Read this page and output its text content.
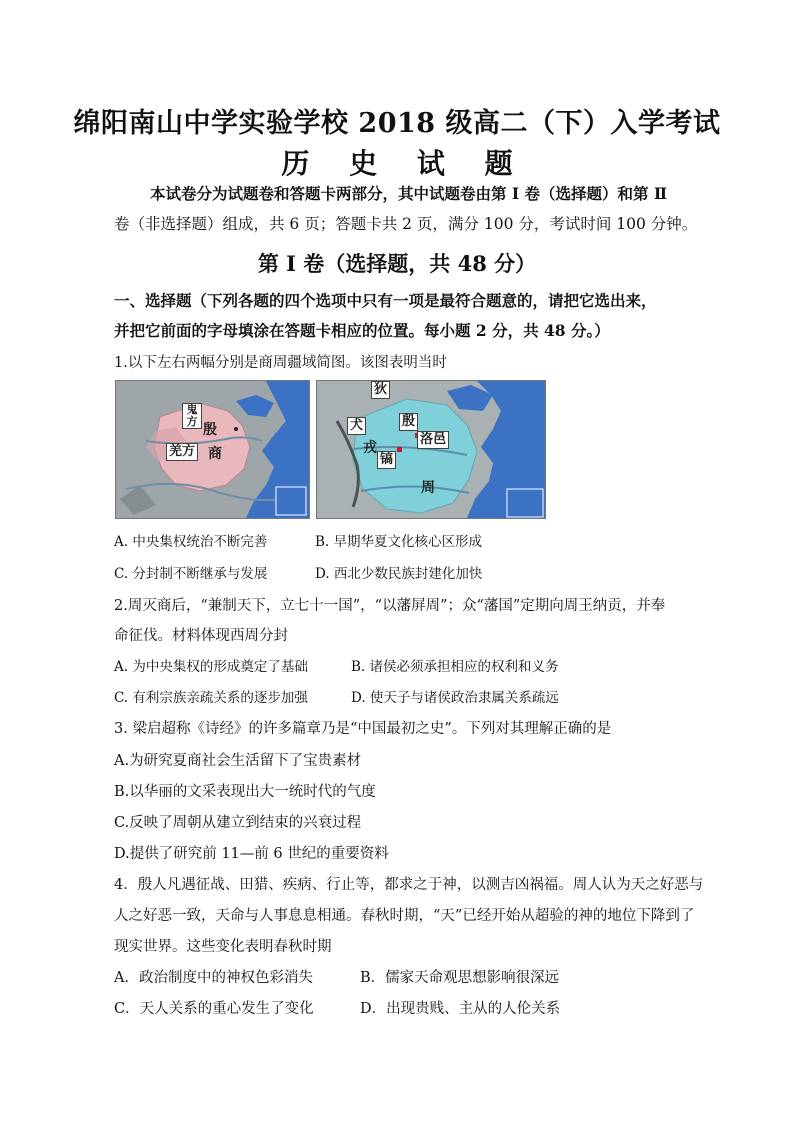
绵阳南山中学实验学校 2018 级高二（下）入学考试
历 史 试 题
本试卷分为试题卷和答题卡两部分，其中试题卷由第 Ⅰ 卷（选择题）和第 Ⅱ
卷（非选择题）组成，共 6 页；答题卡共 2 页，满分 100 分，考试时间 100 分钟。
第 Ⅰ 卷（选择题，共 48 分）
一、选择题（下列各题的四个选项中只有一项是最符合题意的，请把它选出来，
并把它前面的字母填涂在答题卡相应的位置。每小题 2 分，共 48 分。）
1.以下左右两幅分别是商周疆域简图。该图表明当时
鬼方
殷
羌方 商
狄
犬
戎
殷
洛邑
镐
周
A. 中央集权统治不断完善	B. 早期华夏文化核心区形成
C. 分封制不断继承与发展	D. 西北少数民族封建化加快
2.周灭商后，“兼制天下，立七十一国”，“以藩屏周”；众“藩国”定期向周王纳贡，并奉
命征伐。材料体现西周分封
A. 为中央集权的形成奠定了基础	B. 诸侯必须承担相应的权利和义务
C. 有利宗族亲疏关系的逐步加强	D. 使天子与诸侯政治隶属关系疏远
3. 梁启超称《诗经》的许多篇章乃是“中国最初之史”。下列对其理解正确的是
A.为研究夏商社会生活留下了宝贵素材
B.以华丽的文采表现出大一统时代的气度
C.反映了周朝从建立到结束的兴衰过程
D.提供了研究前 11—前 6 世纪的重要资料
4．殷人凡遇征战、田猎、疾病、行止等，都求之于神，以测吉凶祸福。周人认为天之好恶与
人之好恶一致，天命与人事息息相通。春秋时期，“天”已经开始从超验的神的地位下降到了
现实世界。这些变化表明春秋时期
A．政治制度中的神权色彩消失	B．儒家天命观思想影响很深远
C．天人关系的重心发生了变化	D．出现贵贱、主从的人伦关系
